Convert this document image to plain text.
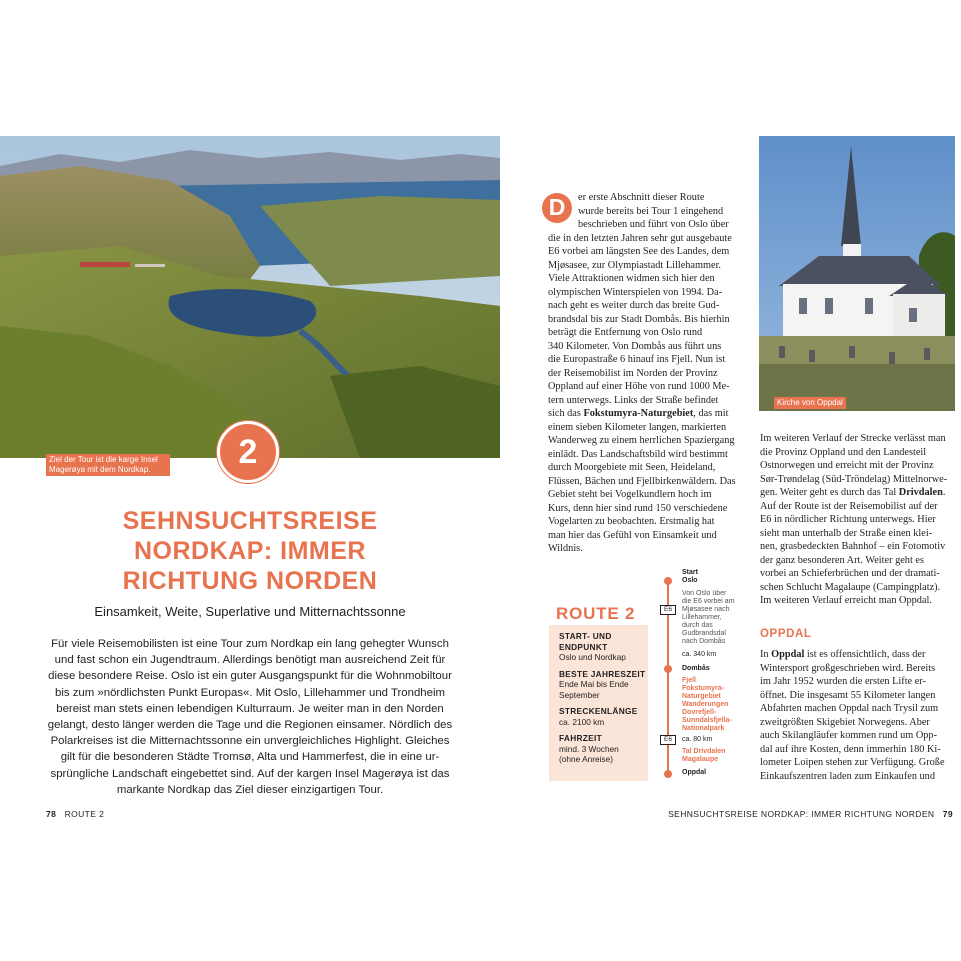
Ziel der Tour ist die karge Insel
Magerøya mit dem Nordkap.	2
SEHNSUCHTSREISE
NORDKAP: IMMER
RICHTUNG NORDEN
Einsamkeit, Weite, Superlative und Mitternachtssonne
Für viele Reisemobilisten ist eine Tour zum Nordkap ein lang gehegter Wunsch
und fast schon ein Jugendtraum. Allerdings benötigt man ausreichend Zeit für
diese besondere Reise. Oslo ist ein guter Ausgangspunkt für die Wohnmobiltour
bis zum »nördlichsten Punkt Europas«. Mit Oslo, Lillehammer und Trondheim
bereist man stets einen lebendigen Kulturraum. Je weiter man in den Norden
gelangt, desto länger werden die Tage und die Regionen einsamer. Nördlich des
Polarkreises ist die Mitternachtssonne ein unvergleichliches Highlight. Gleiches
gilt für die besonderen Städte Tromsø, Alta und Hammerfest, die in eine ur-
sprüngliche Landschaft eingebettet sind. Auf der kargen Insel Magerøya ist das
markante Nordkap das Ziel dieser einzigartigen Tour.
78 ROUTE 2
D	er erste Abschnitt dieser Route
wurde bereits bei Tour 1 eingehend
beschrieben und führt von Oslo über
die in den letzten Jahren sehr gut ausgebaute
E6 vorbei am längsten See des Landes, dem
Mjøsasee, zur Olympiastadt Lillehammer.
Viele Attraktionen widmen sich hier den
olympischen Winterspielen von 1994. Da-
nach geht es weiter durch das breite Gud-
brandsdal bis zur Stadt Dombås. Bis hierhin
beträgt die Entfernung von Oslo rund
340 Kilometer. Von Dombås aus führt uns
die Europastraße 6 hinauf ins Fjell. Nun ist
der Reisemobilist im Norden der Provinz
Oppland auf einer Höhe von rund 1000 Me-
tern unterwegs. Links der Straße befindet
sich das Fokstumyra-Naturgebiet, das mit
einem sieben Kilometer langen, markierten
Wanderweg zu einem herrlichen Spaziergang
einlädt. Das Landschaftsbild wird bestimmt
durch Moorgebiete mit Seen, Heideland,
Flüssen, Bächen und Fjellbirkenwäldern. Das
Gebiet steht bei Vogelkundlern hoch im
Kurs, denn hier sind rund 150 verschiedene
Vogelarten zu beobachten. Erstmalig hat
man hier das Gefühl von Einsamkeit und
Wildnis.
Kirche von Oppdal
Im weiteren Verlauf der Strecke verlässt man
die Provinz Oppland und den Landesteil
Ostnorwegen und erreicht mit der Provinz
Sør-Trøndelag (Süd-Tröndelag) Mittelnorwe-
gen. Weiter geht es durch das Tal Drivdalen.
Auf der Route ist der Reisemobilist auf der
E6 in nördlicher Richtung unterwegs. Hier
sieht man unterhalb der Straße einen klei-
nen, grasbedeckten Bahnhof – ein Fotomotiv
der ganz besonderen Art. Weiter geht es
vorbei an Schieferbrüchen und der dramati-
schen Schlucht Magalaupe (Campingplatz).
Im weiteren Verlauf erreicht man Oppdal.
OPPDAL
In Oppdal ist es offensichtlich, dass der
Wintersport großgeschrieben wird. Bereits
im Jahr 1952 wurden die ersten Lifte er-
öffnet. Die insgesamt 55 Kilometer langen
Abfahrten machen Oppdal nach Trysil zum
zweitgrößten Skigebiet Norwegens. Aber
auch Skilangläufer kommen rund um Opp-
dal auf ihre Kosten, denn immerhin 180 Ki-
lometer Loipen stehen zur Verfügung. Große
Einkaufszentren laden zum Einkaufen und
ROUTE 2
START- UND
ENDPUNKT
Oslo und Nordkap
BESTE JAHRESZEIT
Ende Mai bis Ende
September
STRECKENLÄNGE
ca. 2100 km
FAHRZEIT
mind. 3 Wochen
(ohne Anreise)
Start
Oslo
E6
Von Oslo über
die E6 vorbei am
Mjøsasee nach
Lillehammer,
durch das
Gudbrandsdal
nach Dombås
ca. 340 km
Dombås
Fjell
Fokstumyra-
Naturgebiet
Wanderungen
Dovrefjell-
Sunndalsfjella-
Nationalpark
E6	ca. 80 km
Tal Drivdalen
Magalaupe
Oppdal
SEHNSUCHTSREISE NORDKAP: IMMER RICHTUNG NORDEN 79
